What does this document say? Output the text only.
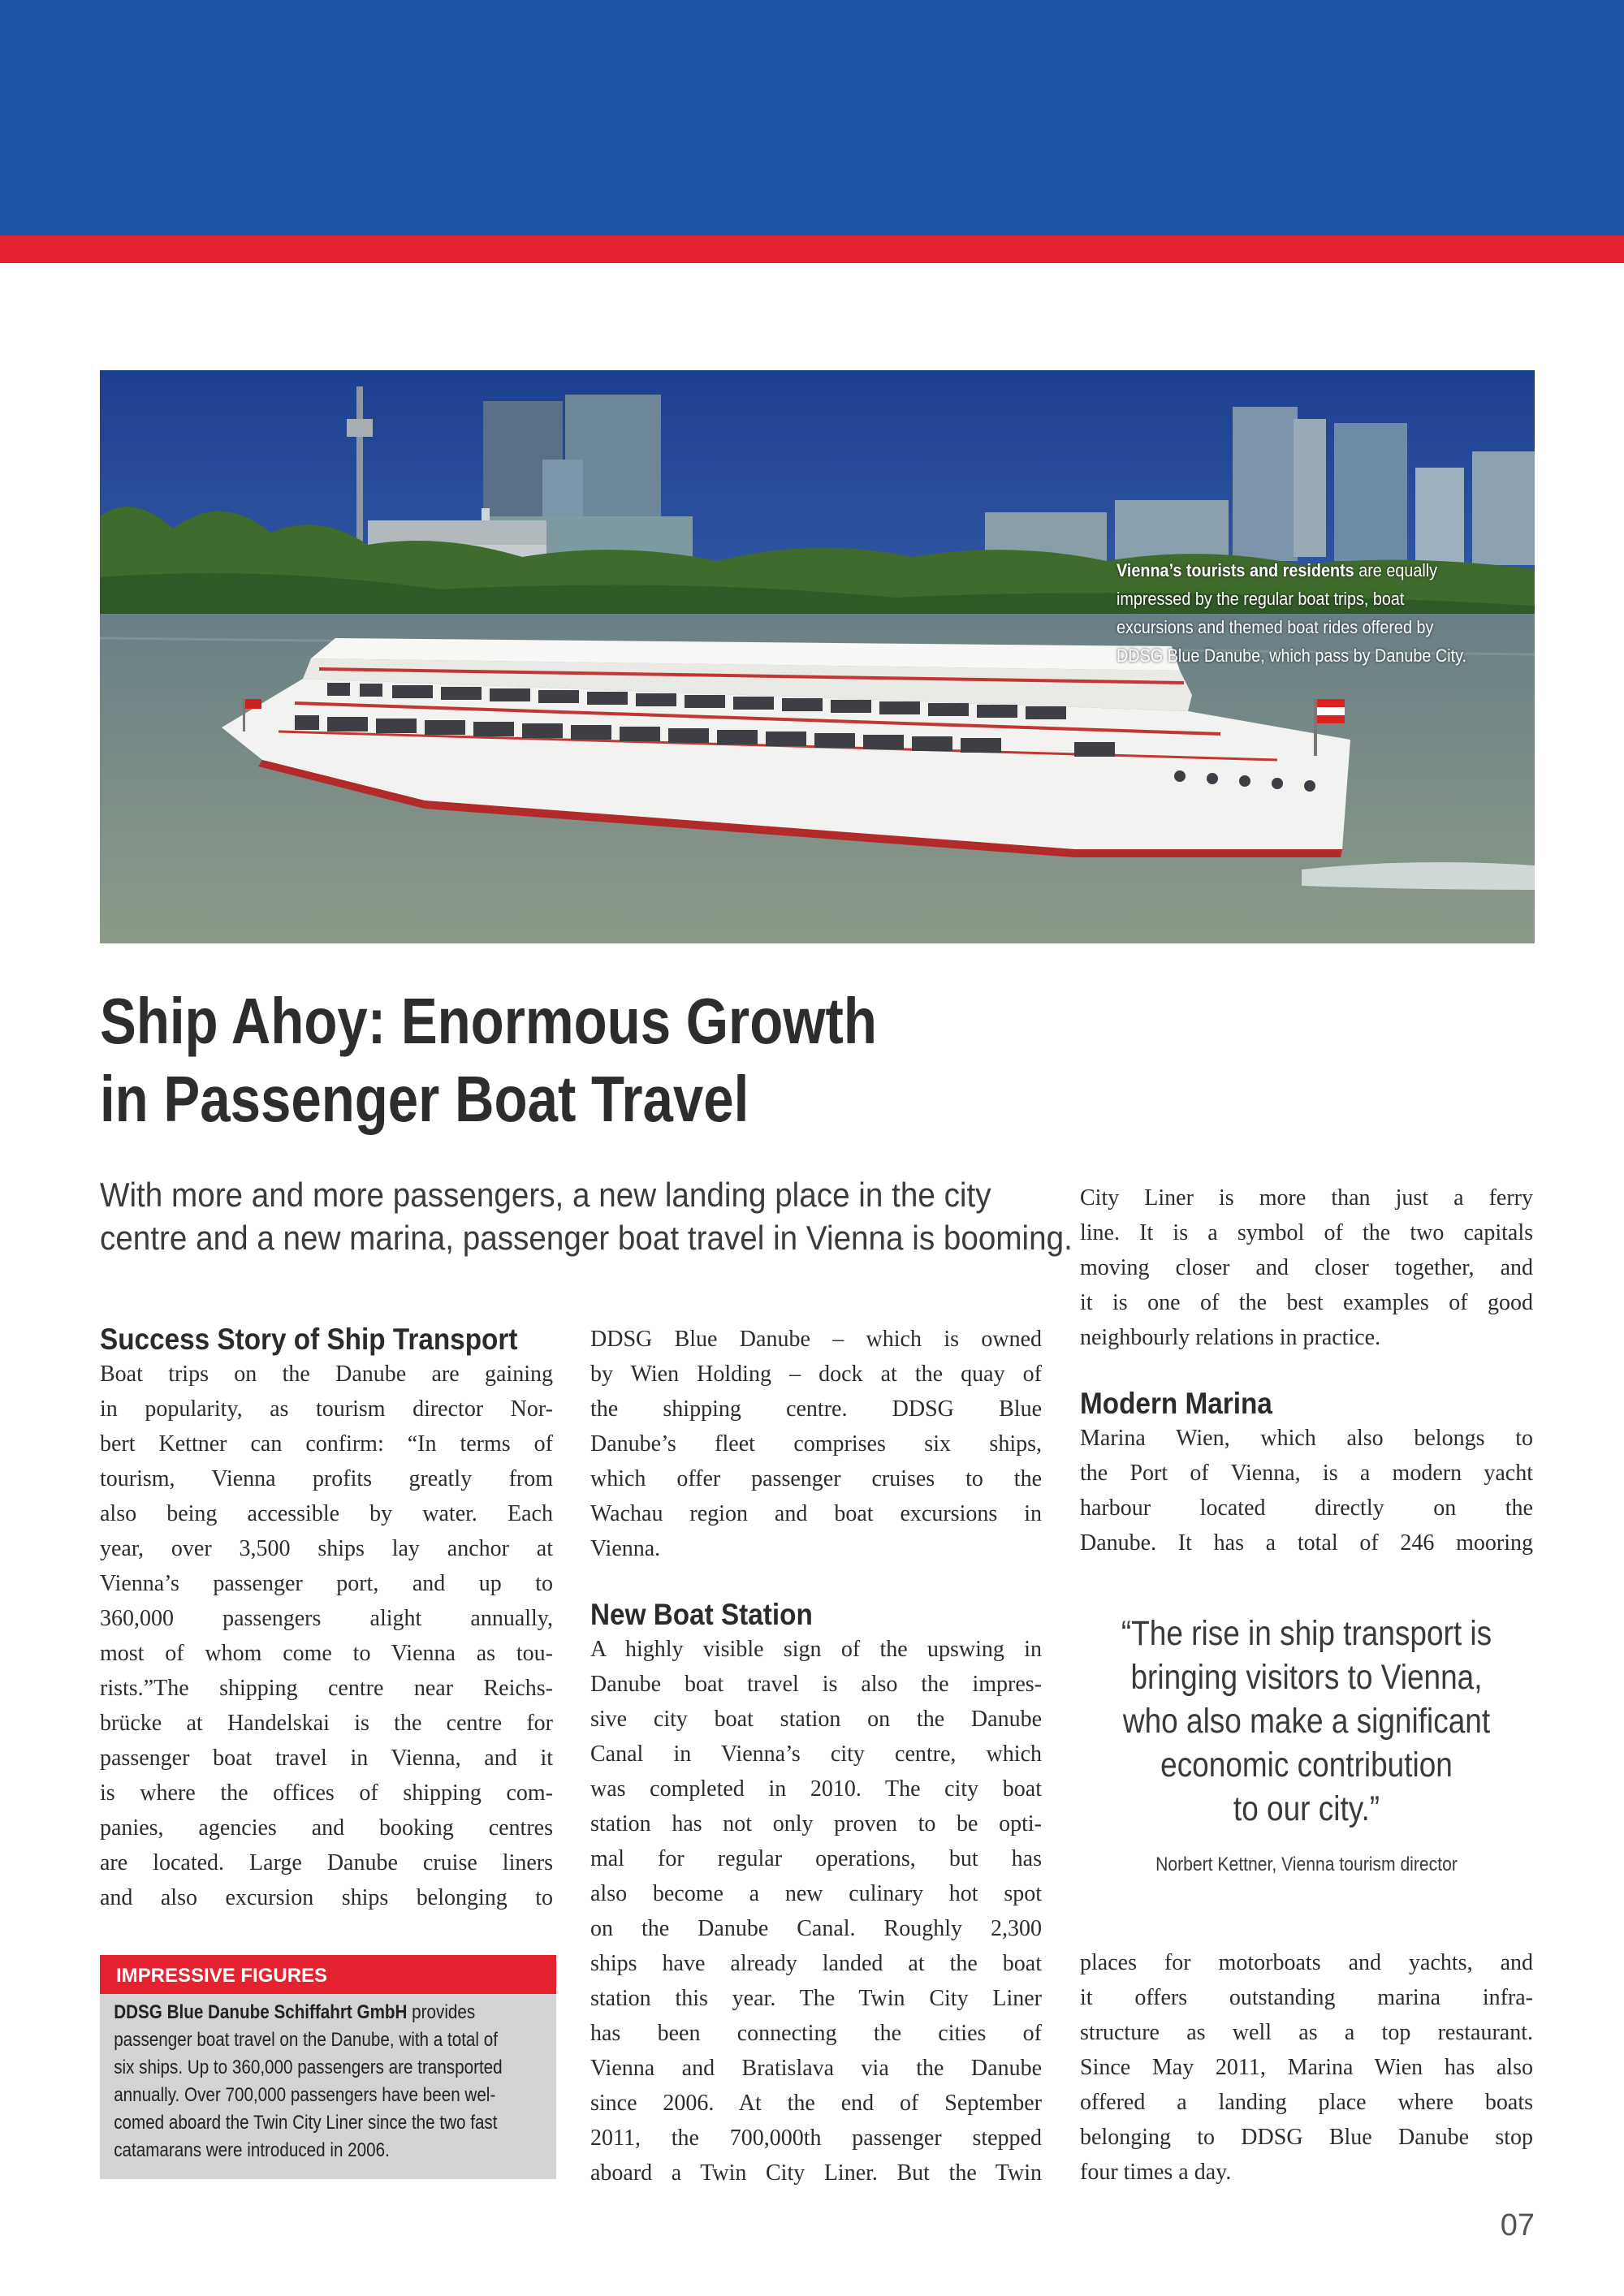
Vienna’s tourists and residents are equally impressed by the regular boat trips, boat excursions and themed boat rides offered by DDSG Blue Danube, which pass by Danube City.
Ship Ahoy: Enormous Growth
in Passenger Boat Travel
With more and more passengers, a new landing place in the city
centre and a new marina, passenger boat travel in Vienna is booming.
Success Story of Ship Transport
Boat trips on the Danube are gaining
in popularity, as tourism director Nor-
bert Kettner can confirm: “In terms of
tourism, Vienna profits greatly from
also being accessible by water. Each
year, over 3,500 ships lay anchor at
Vienna’s passenger port, and up to
360,000 passengers alight annually,
most of whom come to Vienna as tou-
rists.”The shipping centre near Reichs-
brücke at Handelskai is the centre for
passenger boat travel in Vienna, and it
is where the offices of shipping com-
panies, agencies and booking centres
are located. Large Danube cruise liners
and also excursion ships belonging to
DDSG Blue Danube – which is owned
by Wien Holding – dock at the quay of
the shipping centre. DDSG Blue
Danube’s fleet comprises six ships,
which offer passenger cruises to the
Wachau region and boat excursions in
Vienna.
New Boat Station
A highly visible sign of the upswing in
Danube boat travel is also the impres-
sive city boat station on the Danube
Canal in Vienna’s city centre, which
was completed in 2010. The city boat
station has not only proven to be opti-
mal for regular operations, but has
also become a new culinary hot spot
on the Danube Canal. Roughly 2,300
ships have already landed at the boat
station this year. The Twin City Liner
has been connecting the cities of
Vienna and Bratislava via the Danube
since 2006. At the end of September
2011, the 700,000th passenger stepped
aboard a Twin City Liner. But the Twin
City Liner is more than just a ferry
line. It is a symbol of the two capitals
moving closer and closer together, and
it is one of the best examples of good
neighbourly relations in practice.
Modern Marina
Marina Wien, which also belongs to
the Port of Vienna, is a modern yacht
harbour located directly on the
Danube. It has a total of 246 mooring
“The rise in ship transport is
bringing visitors to Vienna,
who also make a significant
economic contribution
to our city.”
Norbert Kettner, Vienna tourism director
places for motorboats and yachts, and
it offers outstanding marina infra-
structure as well as a top restaurant.
Since May 2011, Marina Wien has also
offered a landing place where boats
belonging to DDSG Blue Danube stop
four times a day.
IMPRESSIVE FIGURES
DDSG Blue Danube Schiffahrt GmbH provides
passenger boat travel on the Danube, with a total of
six ships. Up to 360,000 passengers are transported
annually. Over 700,000 passengers have been wel-
comed aboard the Twin City Liner since the two fast
catamarans were introduced in 2006.
07
